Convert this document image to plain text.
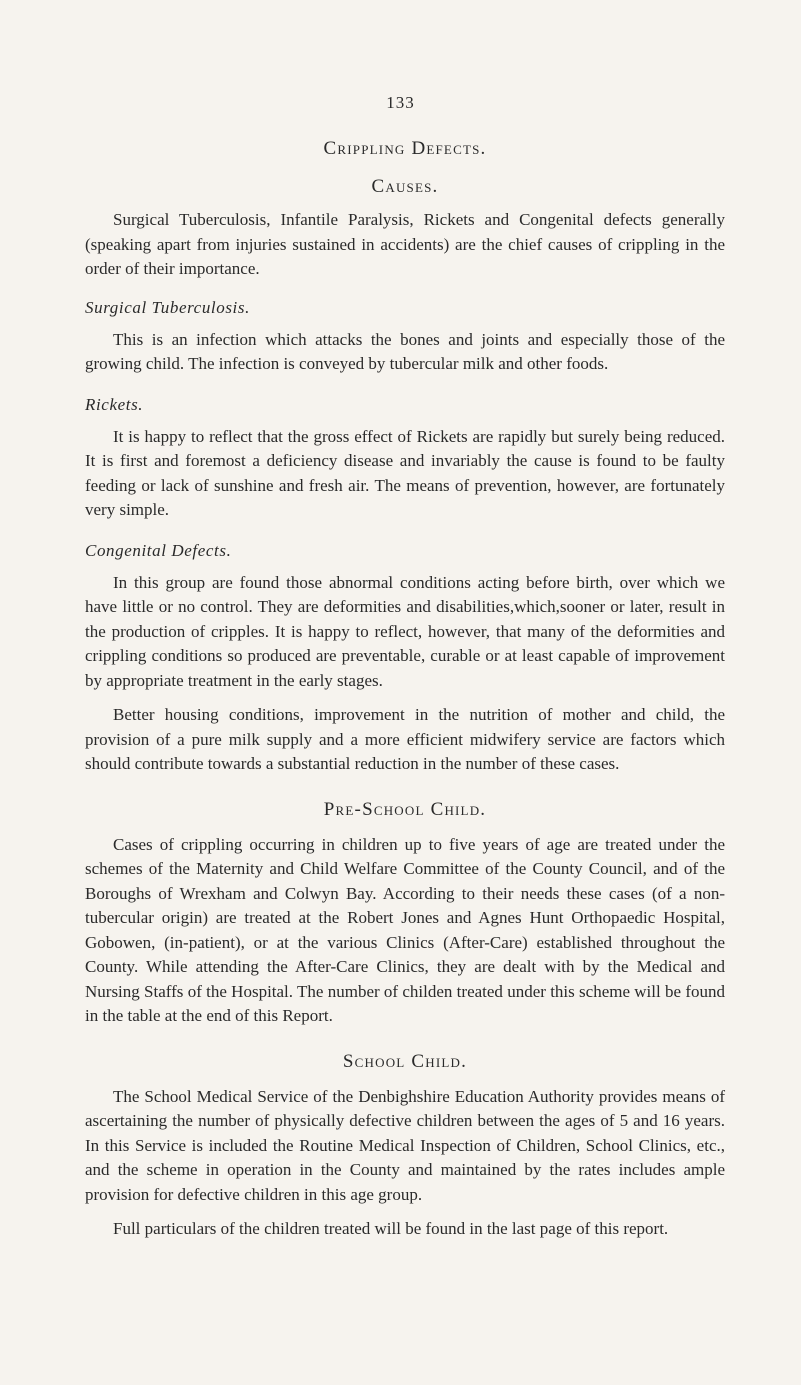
133
Crippling Defects.
Causes.

Surgical Tuberculosis, Infantile Paralysis, Rickets and Congenital defects generally (speaking apart from injuries sustained in accidents) are the chief causes of crippling in the order of their importance.

Surgical Tuberculosis.

This is an infection which attacks the bones and joints and especially those of the growing child. The infection is conveyed by tubercular milk and other foods.

Rickets.

It is happy to reflect that the gross effect of Rickets are rapidly but surely being reduced. It is first and foremost a deficiency disease and invariably the cause is found to be faulty feeding or lack of sunshine and fresh air. The means of prevention, however, are fortunately very simple.

Congenital Defects.

In this group are found those abnormal conditions acting before birth, over which we have little or no control. They are deformities and disabilities,which,sooner or later, result in the production of cripples. It is happy to reflect, however, that many of the deformities and crippling conditions so produced are preventable, curable or at least capable of improvement by appropriate treatment in the early stages.

Better housing conditions, improvement in the nutrition of mother and child, the provision of a pure milk supply and a more efficient midwifery service are factors which should contribute towards a substantial reduction in the number of these cases.

Pre-School Child.

Cases of crippling occurring in children up to five years of age are treated under the schemes of the Maternity and Child Welfare Committee of the County Council, and of the Boroughs of Wrexham and Colwyn Bay. According to their needs these cases (of a non-tubercular origin) are treated at the Robert Jones and Agnes Hunt Orthopaedic Hospital, Gobowen, (in-patient), or at the various Clinics (After-Care) established throughout the County. While attending the After-Care Clinics, they are dealt with by the Medical and Nursing Staffs of the Hospital. The number of childen treated under this scheme will be found in the table at the end of this Report.

School Child.

The School Medical Service of the Denbighshire Education Authority provides means of ascertaining the number of physically defective children between the ages of 5 and 16 years. In this Service is included the Routine Medical Inspection of Children, School Clinics, etc., and the scheme in operation in the County and maintained by the rates includes ample provision for defective children in this age group.

Full particulars of the children treated will be found in the last page of this report.
